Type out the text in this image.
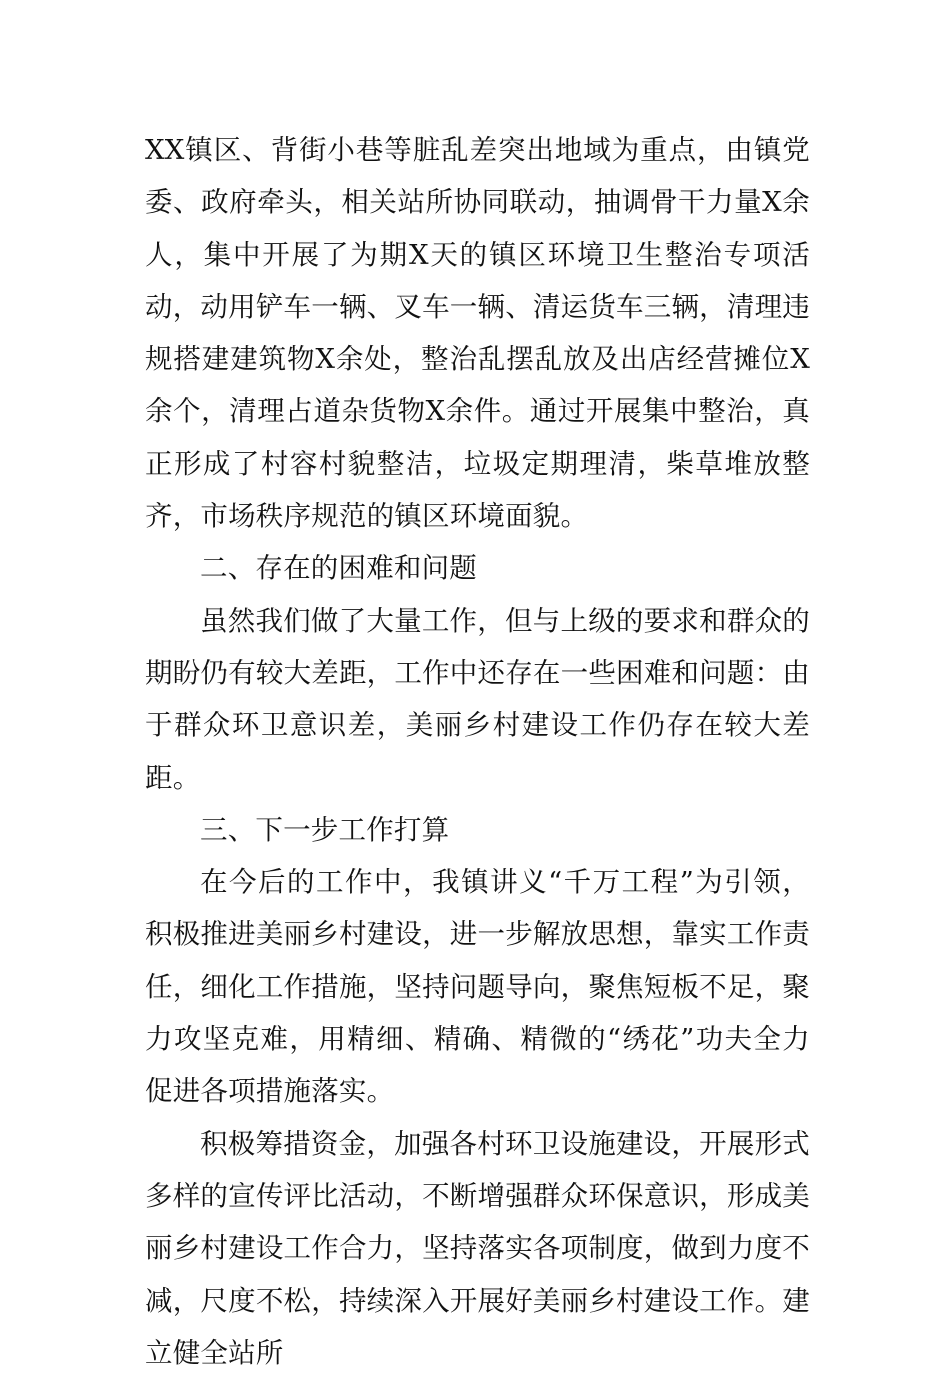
XX镇区、背街小巷等脏乱差突出地域为重点，由镇党委、政府牵头，相关站所协同联动，抽调骨干力量X余人，集中开展了为期X天的镇区环境卫生整治专项活动，动用铲车一辆、叉车一辆、清运货车三辆，清理违规搭建建筑物X余处，整治乱摆乱放及出店经营摊位X余个，清理占道杂货物X余件。通过开展集中整治，真正形成了村容村貌整洁，垃圾定期理清，柴草堆放整齐，市场秩序规范的镇区环境面貌。

二、存在的困难和问题

虽然我们做了大量工作，但与上级的要求和群众的期盼仍有较大差距，工作中还存在一些困难和问题：由于群众环卫意识差，美丽乡村建设工作仍存在较大差距。

三、下一步工作打算

在今后的工作中，我镇讲义“千万工程”为引领，积极推进美丽乡村建设，进一步解放思想，靠实工作责任，细化工作措施，坚持问题导向，聚焦短板不足，聚力攻坚克难，用精细、精确、精微的“绣花”功夫全力促进各项措施落实。

积极筹措资金，加强各村环卫设施建设，开展形式多样的宣传评比活动，不断增强群众环保意识，形成美丽乡村建设工作合力，坚持落实各项制度，做到力度不减，尺度不松，持续深入开展好美丽乡村建设工作。建立健全站所
